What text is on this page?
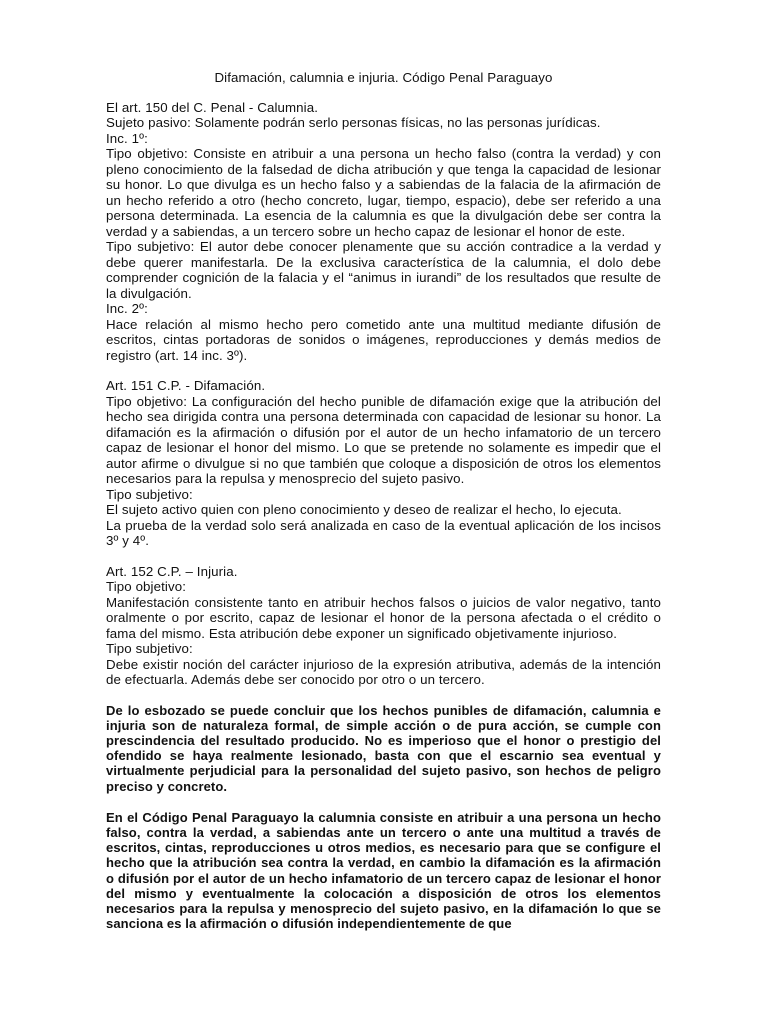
Difamación, calumnia e injuria. Código Penal Paraguayo

El art. 150 del C. Penal - Calumnia.

Sujeto pasivo: Solamente podrán serlo personas físicas, no las personas jurídicas.

Inc. 1º:

Tipo objetivo: Consiste en atribuir a una persona un hecho falso (contra la verdad) y con pleno conocimiento de la falsedad de dicha atribución y que tenga la capacidad de lesionar su honor. Lo que divulga es un hecho falso y a sabiendas de la falacia de la afirmación de un hecho referido a otro (hecho concreto, lugar, tiempo, espacio), debe ser referido a una persona determinada. La esencia de la calumnia es que la divulgación debe ser contra la verdad y a sabiendas, a un tercero sobre un hecho capaz de lesionar el honor de este.

Tipo subjetivo: El autor debe conocer plenamente que su acción contradice a la verdad y debe querer manifestarla. De la exclusiva característica de la calumnia, el dolo debe comprender cognición de la falacia y el “animus in iurandi” de los resultados que resulte de la divulgación.

Inc. 2º:

Hace relación al mismo hecho pero cometido ante una multitud mediante difusión de escritos, cintas portadoras de sonidos o imágenes, reproducciones y demás medios de registro (art. 14 inc. 3º).

Art. 151 C.P. - Difamación.

Tipo objetivo: La configuración del hecho punible de difamación exige que la atribución del hecho sea dirigida contra una persona determinada con capacidad de lesionar su honor. La difamación es la afirmación o difusión por el autor de un hecho infamatorio de un tercero capaz de lesionar el honor del mismo. Lo que se pretende no solamente es impedir que el autor afirme o divulgue si no que también que coloque a disposición de otros los elementos necesarios para la repulsa y menosprecio del sujeto pasivo.

Tipo subjetivo:

El sujeto activo quien con pleno conocimiento y deseo de realizar el hecho, lo ejecuta.

La prueba de la verdad solo será analizada en caso de la eventual aplicación de los incisos 3º y 4º.

Art. 152 C.P. – Injuria.

Tipo objetivo:

Manifestación consistente tanto en atribuir hechos falsos o juicios de valor negativo, tanto oralmente o por escrito, capaz de lesionar el honor de la persona afectada o el crédito o fama del mismo. Esta atribución debe exponer un significado objetivamente injurioso.

Tipo subjetivo:

Debe existir noción del carácter injurioso de la expresión atributiva, además de la intención de efectuarla. Además debe ser conocido por otro o un tercero.

De lo esbozado se puede concluir que los hechos punibles de difamación, calumnia e injuria son de naturaleza formal, de simple acción o de pura acción, se cumple con prescindencia del resultado producido. No es imperioso que el honor o prestigio del ofendido se haya realmente lesionado, basta con que el escarnio sea eventual y virtualmente perjudicial para la personalidad del sujeto pasivo, son hechos de peligro preciso y concreto.

En el Código Penal Paraguayo la calumnia consiste en atribuir a una persona un hecho falso, contra la verdad, a sabiendas ante un tercero o ante una multitud a través de escritos, cintas, reproducciones u otros medios, es necesario para que se configure el hecho que la atribución sea contra la verdad, en cambio la difamación es la afirmación o difusión por el autor de un hecho infamatorio de un tercero capaz de lesionar el honor del mismo y eventualmente la colocación a disposición de otros los elementos necesarios para la repulsa y menosprecio del sujeto pasivo, en la difamación lo que se sanciona es la afirmación o difusión independientemente de que
